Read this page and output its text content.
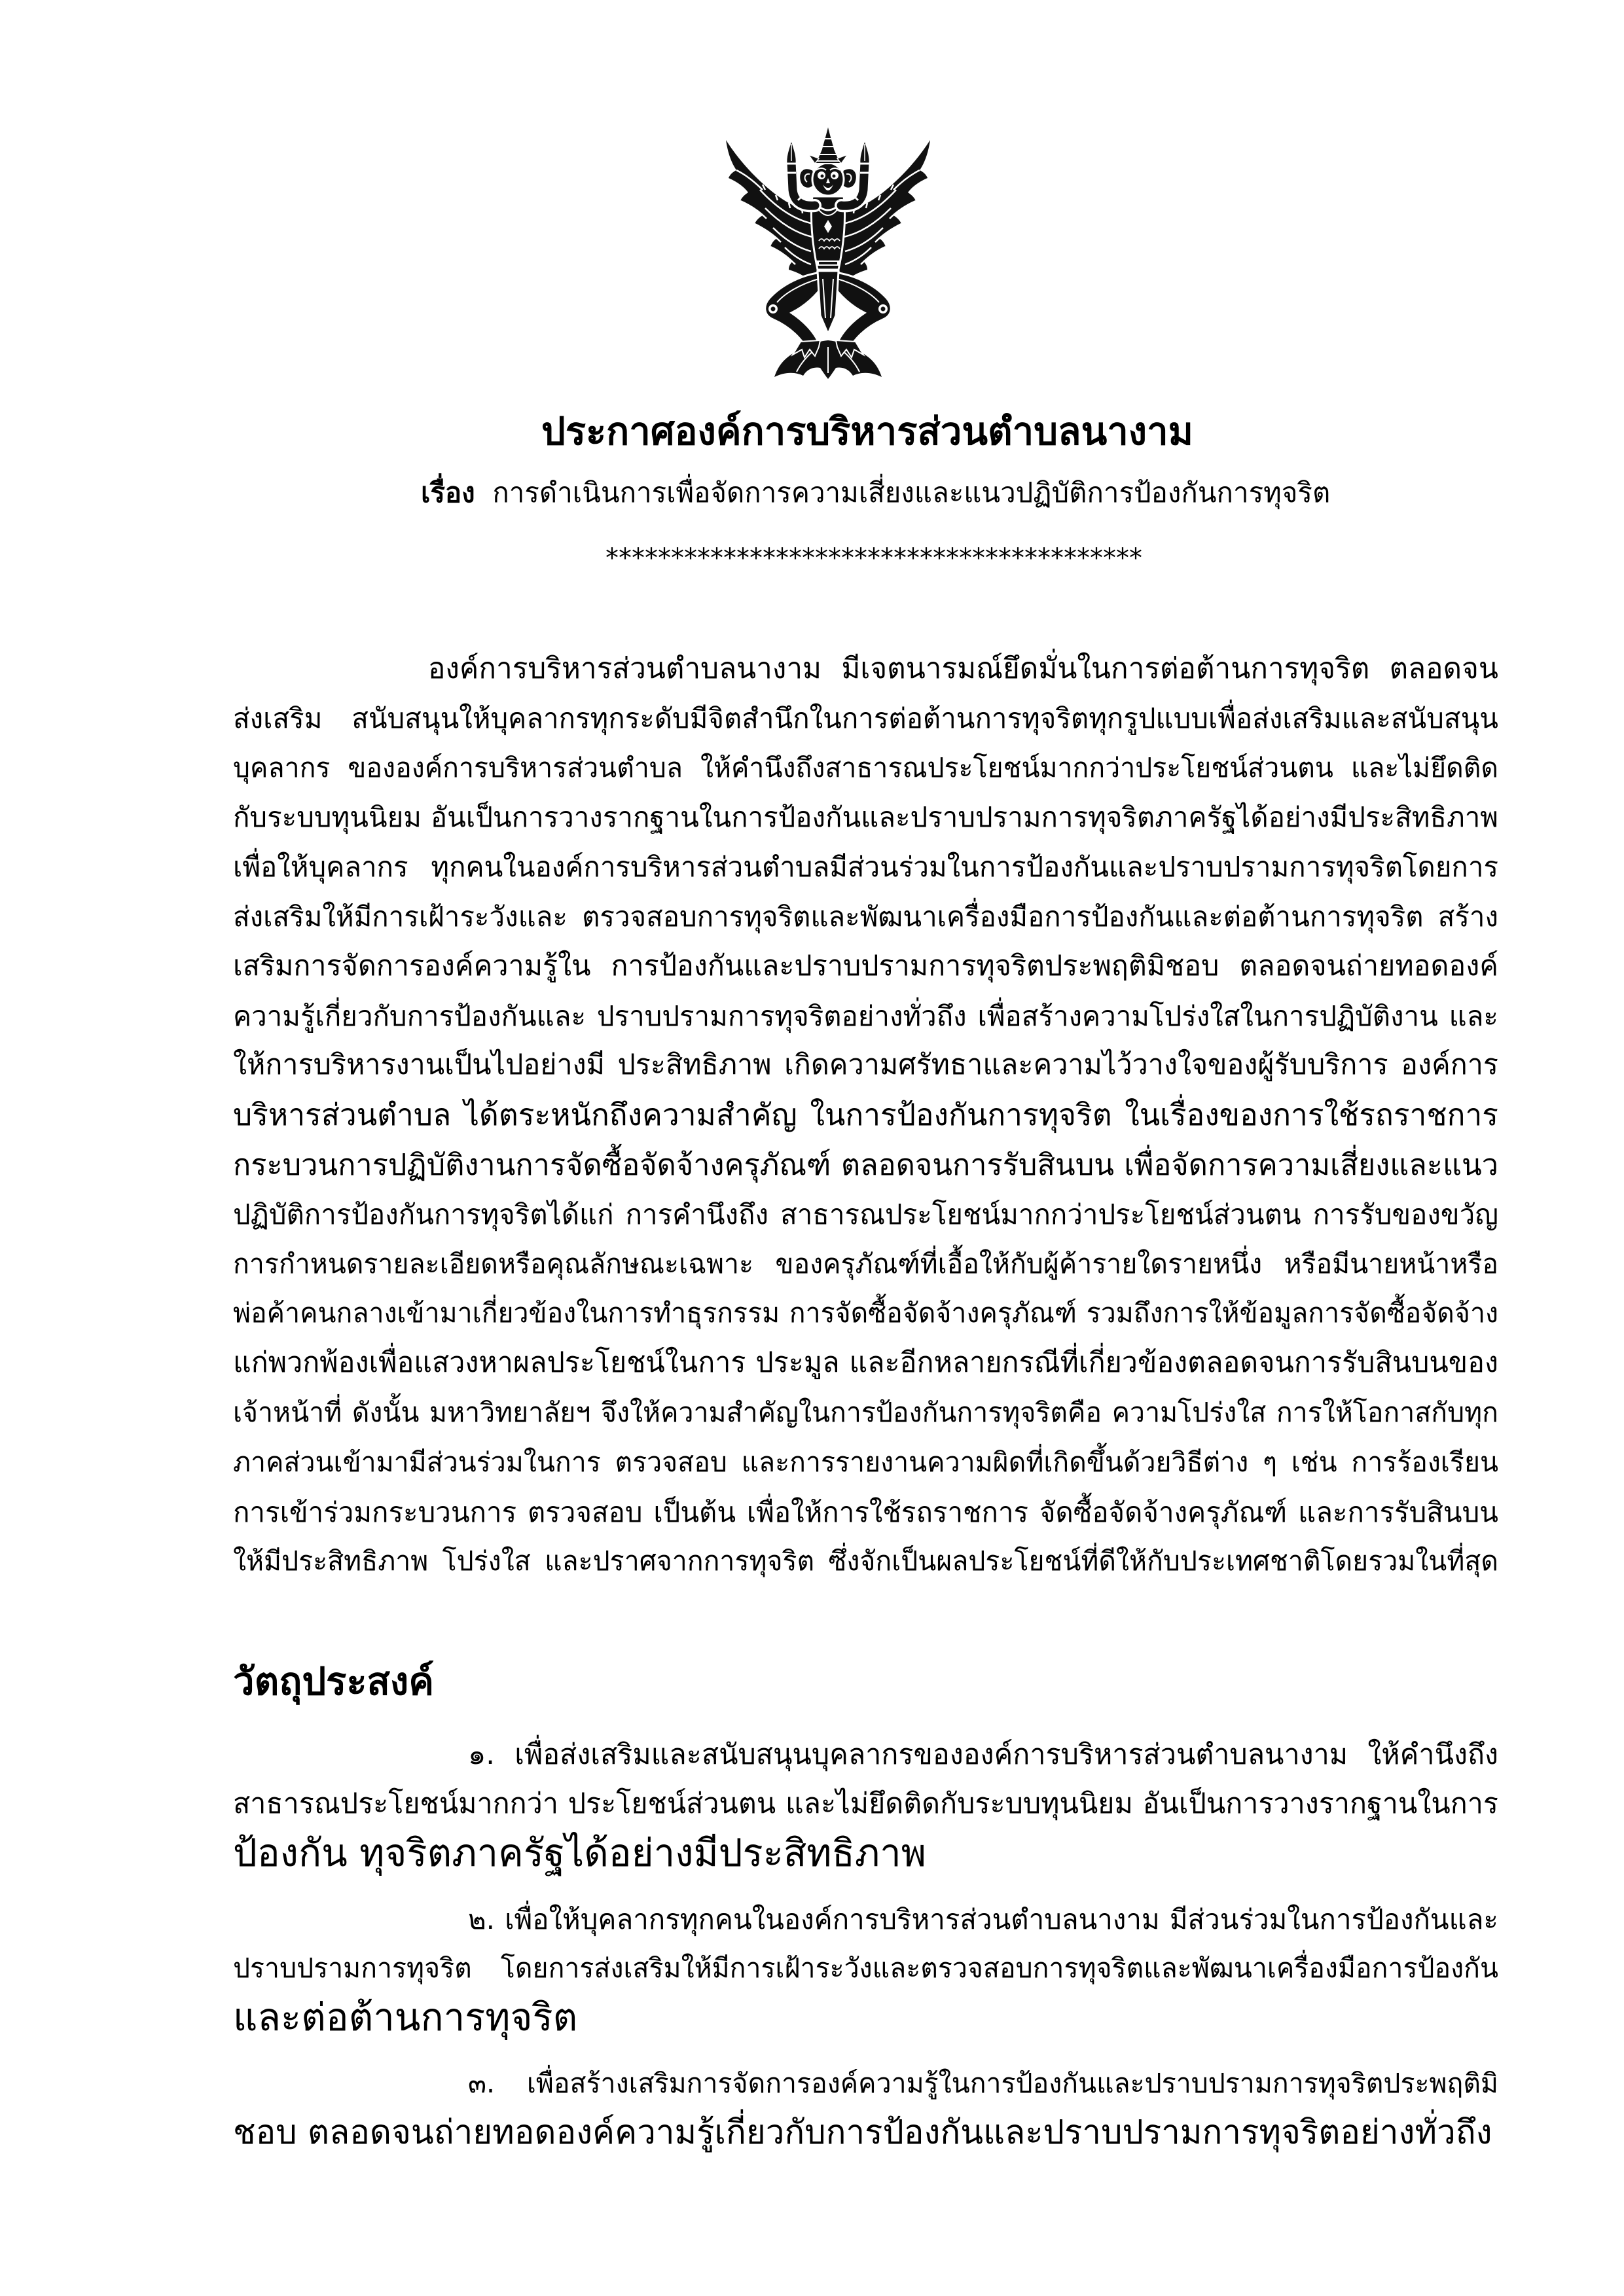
ประกาศองค์การบริหารส่วนตำบลนางาม
เรื่อง การดำเนินการเพื่อจัดการความเสี่ยงและแนวปฏิบัติการป้องกันการทุจริต
*****************************************
องค์การบริหารส่วนตำบลนางาม มีเจตนารมณ์ยึดมั่นในการต่อต้านการทุจริต ตลอดจน
ส่งเสริม สนับสนุนให้บุคลากรทุกระดับมีจิตสำนึกในการต่อต้านการทุจริตทุกรูปแบบเพื่อส่งเสริมและสนับสนุน
บุคลากร ขององค์การบริหารส่วนตำบล ให้คำนึงถึงสาธารณประโยชน์มากกว่าประโยชน์ส่วนตน และไม่ยึดติด
กับระบบทุนนิยม อันเป็นการวางรากฐานในการป้องกันและปราบปรามการทุจริตภาครัฐได้อย่างมีประสิทธิภาพ
เพื่อให้บุคลากร ทุกคนในองค์การบริหารส่วนตำบลมีส่วนร่วมในการป้องกันและปราบปรามการทุจริตโดยการ
ส่งเสริมให้มีการเฝ้าระวังและ ตรวจสอบการทุจริตและพัฒนาเครื่องมือการป้องกันและต่อต้านการทุจริต สร้าง
เสริมการจัดการองค์ความรู้ใน การป้องกันและปราบปรามการทุจริตประพฤติมิชอบ ตลอดจนถ่ายทอดองค์
ความรู้เกี่ยวกับการป้องกันและ ปราบปรามการทุจริตอย่างทั่วถึง เพื่อสร้างความโปร่งใสในการปฏิบัติงาน และ
ให้การบริหารงานเป็นไปอย่างมี ประสิทธิภาพ เกิดความศรัทธาและความไว้วางใจของผู้รับบริการ องค์การ
บริหารส่วนตำบล ได้ตระหนักถึงความสำคัญ ในการป้องกันการทุจริต ในเรื่องของการใช้รถราชการ
กระบวนการปฏิบัติงานการจัดซื้อจัดจ้างครุภัณฑ์ ตลอดจนการรับสินบน เพื่อจัดการความเสี่ยงและแนว
ปฏิบัติการป้องกันการทุจริตได้แก่ การคำนึงถึง สาธารณประโยชน์มากกว่าประโยชน์ส่วนตน การรับของขวัญ
การกำหนดรายละเอียดหรือคุณลักษณะเฉพาะ ของครุภัณฑ์ที่เอื้อให้กับผู้ค้ารายใดรายหนึ่ง หรือมีนายหน้าหรือ
พ่อค้าคนกลางเข้ามาเกี่ยวข้องในการทำธุรกรรม การจัดซื้อจัดจ้างครุภัณฑ์ รวมถึงการให้ข้อมูลการจัดซื้อจัดจ้าง
แก่พวกพ้องเพื่อแสวงหาผลประโยชน์ในการ ประมูล และอีกหลายกรณีที่เกี่ยวข้องตลอดจนการรับสินบนของ
เจ้าหน้าที่ ดังนั้น มหาวิทยาลัยฯ จึงให้ความสำคัญในการป้องกันการทุจริตคือ ความโปร่งใส การให้โอกาสกับทุก
ภาคส่วนเข้ามามีส่วนร่วมในการ ตรวจสอบ และการรายงานความผิดที่เกิดขึ้นด้วยวิธีต่าง ๆ เช่น การร้องเรียน
การเข้าร่วมกระบวนการ ตรวจสอบ เป็นต้น เพื่อให้การใช้รถราชการ จัดซื้อจัดจ้างครุภัณฑ์ และการรับสินบน
ให้มีประสิทธิภาพ โปร่งใส และปราศจากการทุจริต ซึ่งจักเป็นผลประโยชน์ที่ดีให้กับประเทศชาติโดยรวมในที่สุด
วัตถุประสงค์
๑. เพื่อส่งเสริมและสนับสนุนบุคลากรขององค์การบริหารส่วนตำบลนางาม ให้คำนึงถึง
สาธารณประโยชน์มากกว่า ประโยชน์ส่วนตน และไม่ยึดติดกับระบบทุนนิยม อันเป็นการวางรากฐานในการ
ป้องกัน ทุจริตภาครัฐได้อย่างมีประสิทธิภาพ
๒. เพื่อให้บุคลากรทุกคนในองค์การบริหารส่วนตำบลนางาม มีส่วนร่วมในการป้องกันและ
ปราบปรามการทุจริต โดยการส่งเสริมให้มีการเฝ้าระวังและตรวจสอบการทุจริตและพัฒนาเครื่องมือการป้องกัน
และต่อต้านการทุจริต
๓. เพื่อสร้างเสริมการจัดการองค์ความรู้ในการป้องกันและปราบปรามการทุจริตประพฤติมิ
ชอบ ตลอดจนถ่ายทอดองค์ความรู้เกี่ยวกับการป้องกันและปราบปรามการทุจริตอย่างทั่วถึง
